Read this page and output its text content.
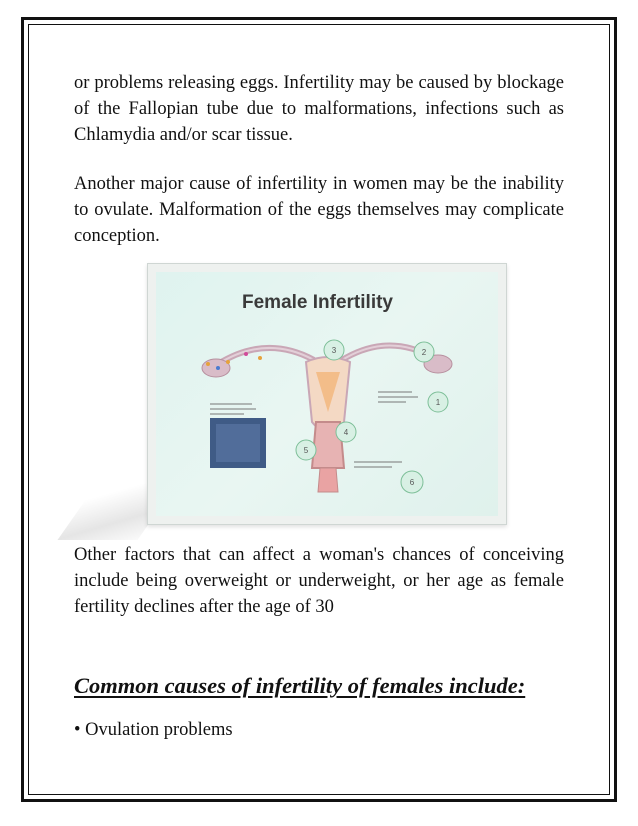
or problems releasing eggs. Infertility may be caused by blockage of the Fallopian tube due to malformations, infections such as Chlamydia and/or scar tissue.

Another major cause of infertility in women may be the inability to ovulate. Malformation of the eggs themselves may complicate conception.

Female Infertility

1
2
3
4
5
6

Other factors that can affect a woman's chances of conceiving include being overweight or underweight, or her age as female fertility declines after the age of 30

Common causes of infertility of females include:

• Ovulation problems
